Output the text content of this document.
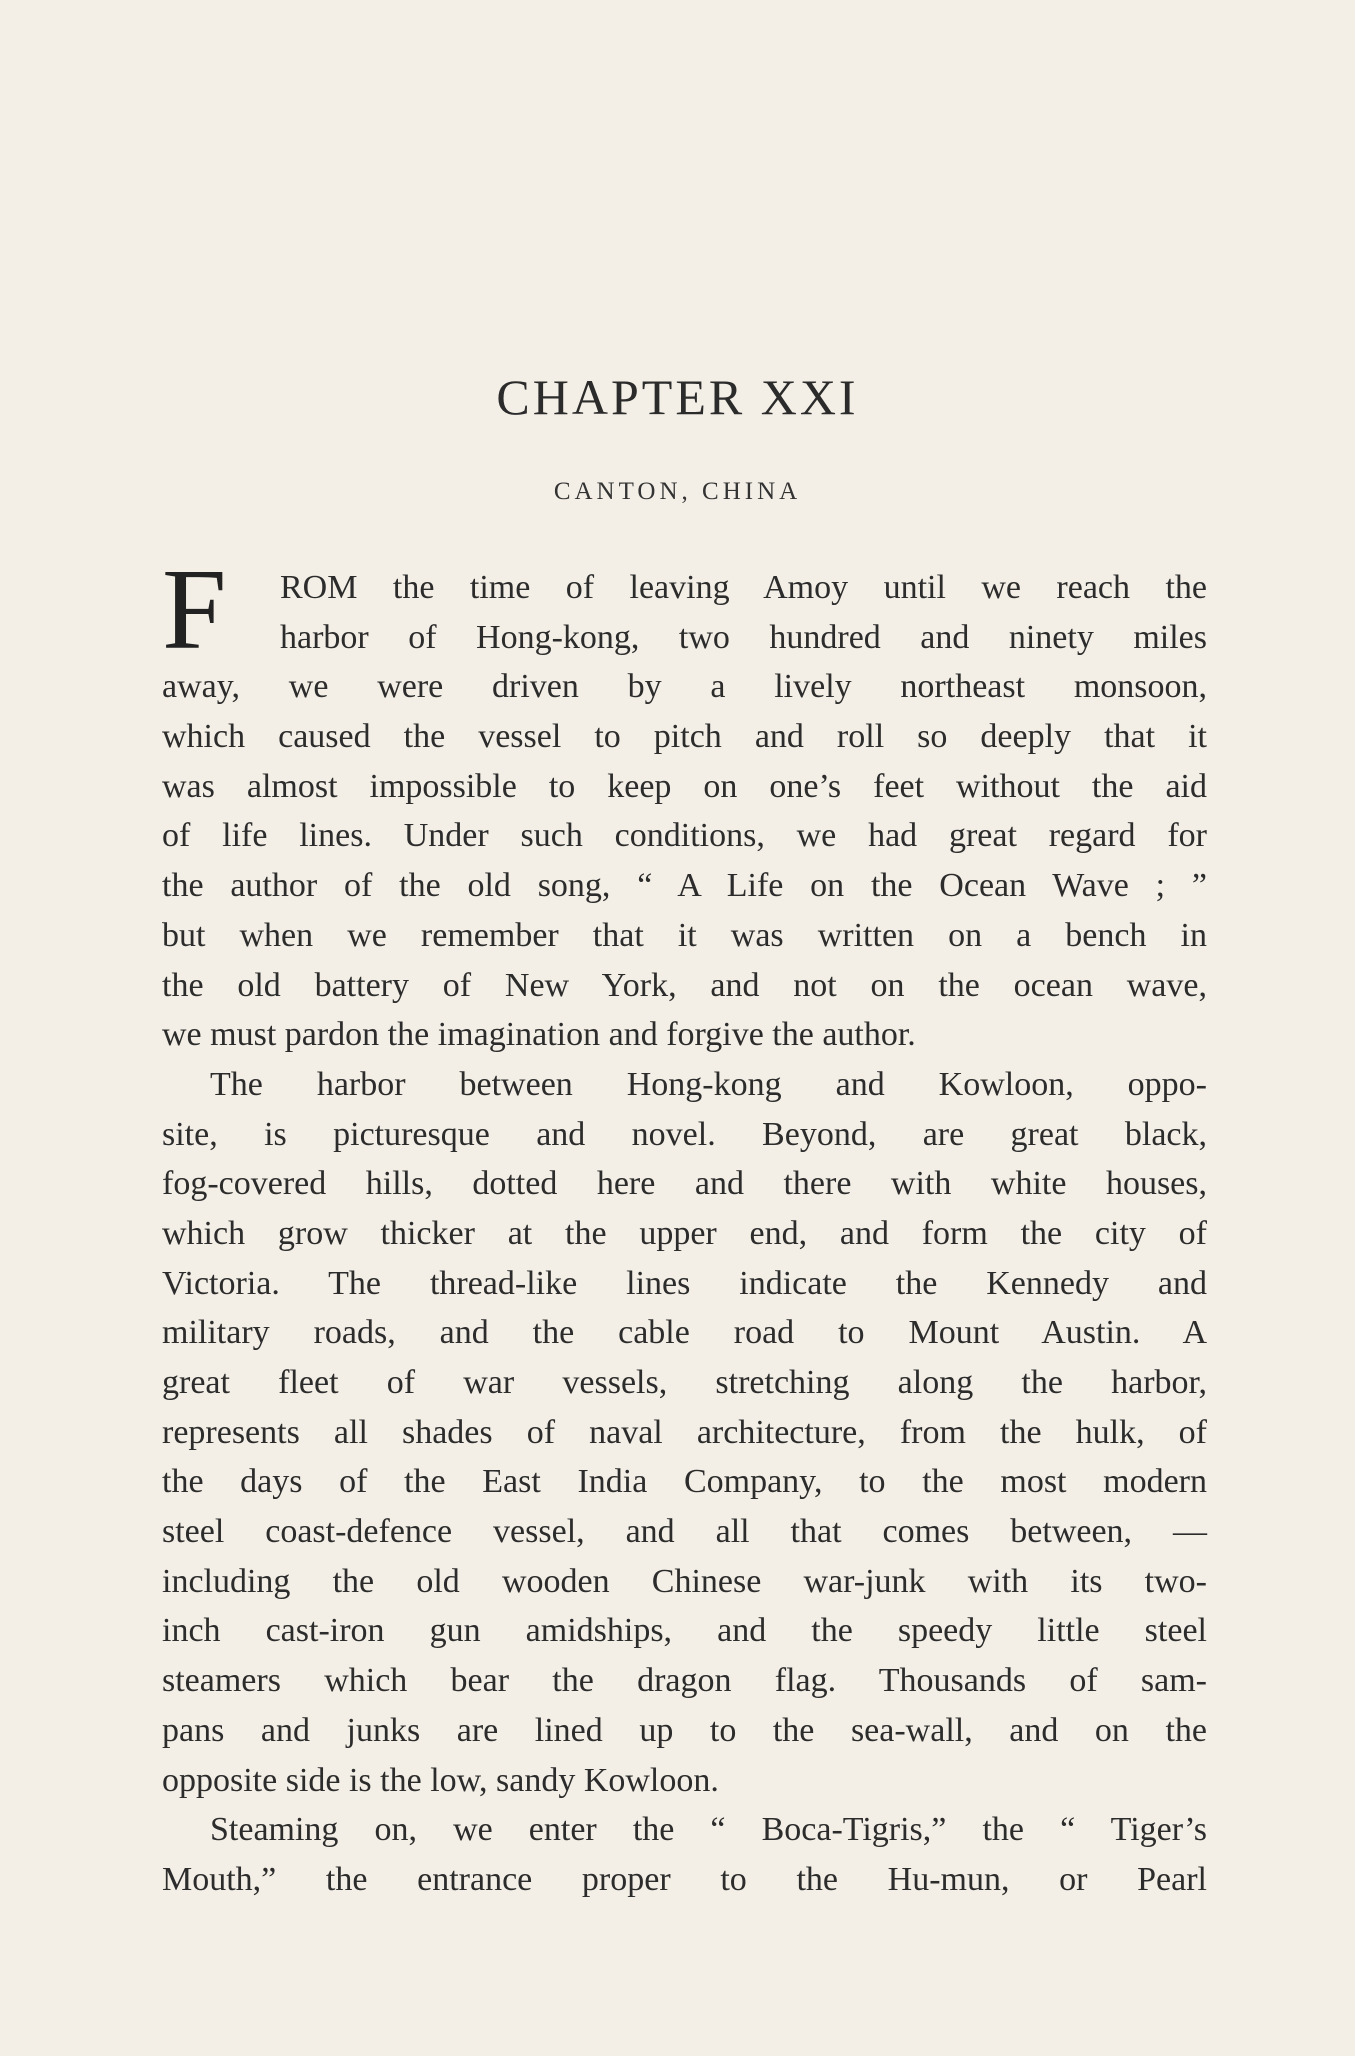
CHAPTER XXI
CANTON, CHINA
F	ROM the time of leaving Amoy until we reach the
harbor of Hong-kong, two hundred and ninety miles
away, we were driven by a lively northeast monsoon,
which caused the vessel to pitch and roll so deeply that it
was almost impossible to keep on one’s feet without the aid
of life lines. Under such conditions, we had great regard for
the author of the old song, “ A Life on the Ocean Wave ; ”
but when we remember that it was written on a bench in
the old battery of New York, and not on the ocean wave,
we must pardon the imagination and forgive the author.
The harbor between Hong-kong and Kowloon, oppo-
site, is picturesque and novel. Beyond, are great black,
fog-covered hills, dotted here and there with white houses,
which grow thicker at the upper end, and form the city of
Victoria. The thread-like lines indicate the Kennedy and
military roads, and the cable road to Mount Austin. A
great fleet of war vessels, stretching along the harbor,
represents all shades of naval architecture, from the hulk, of
the days of the East India Company, to the most modern
steel coast-defence vessel, and all that comes between, —
including the old wooden Chinese war-junk with its two-
inch cast-iron gun amidships, and the speedy little steel
steamers which bear the dragon flag. Thousands of sam-
pans and junks are lined up to the sea-wall, and on the
opposite side is the low, sandy Kowloon.
Steaming on, we enter the “ Boca-Tigris,” the “ Tiger’s
Mouth,” the entrance proper to the Hu-mun, or Pearl
